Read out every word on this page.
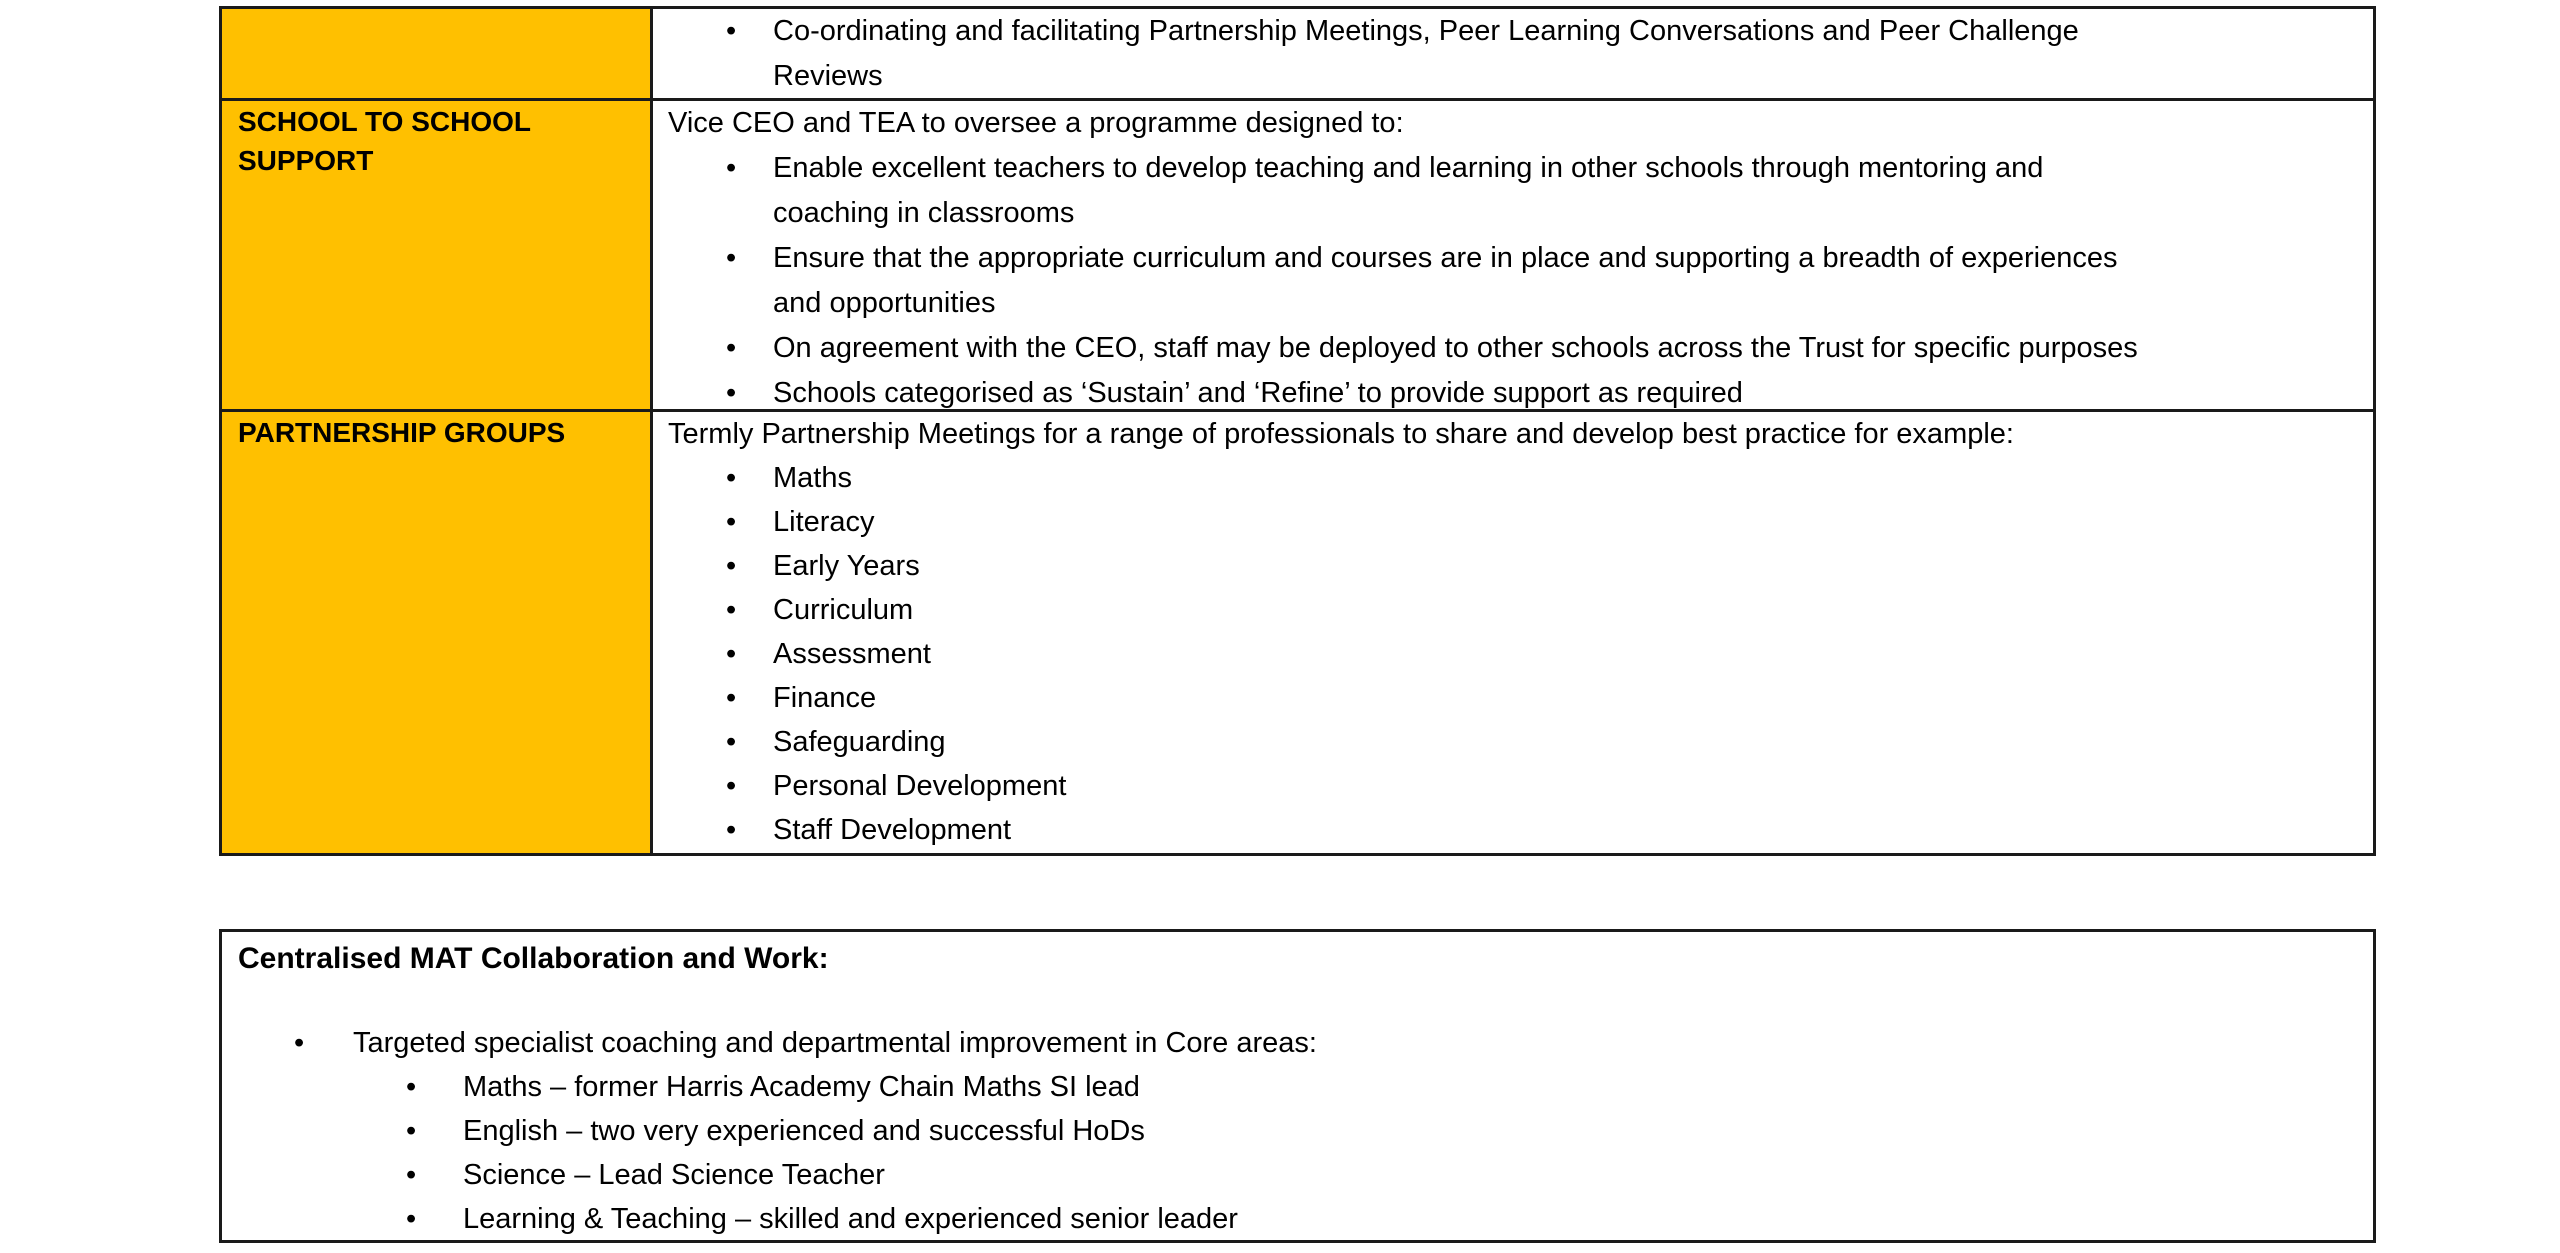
• Co-ordinating and facilitating Partnership Meetings, Peer Learning Conversations and Peer Challenge
Reviews
SCHOOL TO SCHOOL SUPPORT
Vice CEO and TEA to oversee a programme designed to:
• Enable excellent teachers to develop teaching and learning in other schools through mentoring and
coaching in classrooms
• Ensure that the appropriate curriculum and courses are in place and supporting a breadth of experiences
and opportunities
• On agreement with the CEO, staff may be deployed to other schools across the Trust for specific purposes
• Schools categorised as ‘Sustain’ and ‘Refine’ to provide support as required
PARTNERSHIP GROUPS	Termly Partnership Meetings for a range of professionals to share and develop best practice for example:
• Maths
• Literacy
• Early Years
• Curriculum
• Assessment
• Finance
• Safeguarding
• Personal Development
• Staff Development
Centralised MAT Collaboration and Work:
• Targeted specialist coaching and departmental improvement in Core areas:
• Maths – former Harris Academy Chain Maths SI lead
• English – two very experienced and successful HoDs
• Science – Lead Science Teacher
• Learning & Teaching – skilled and experienced senior leader
